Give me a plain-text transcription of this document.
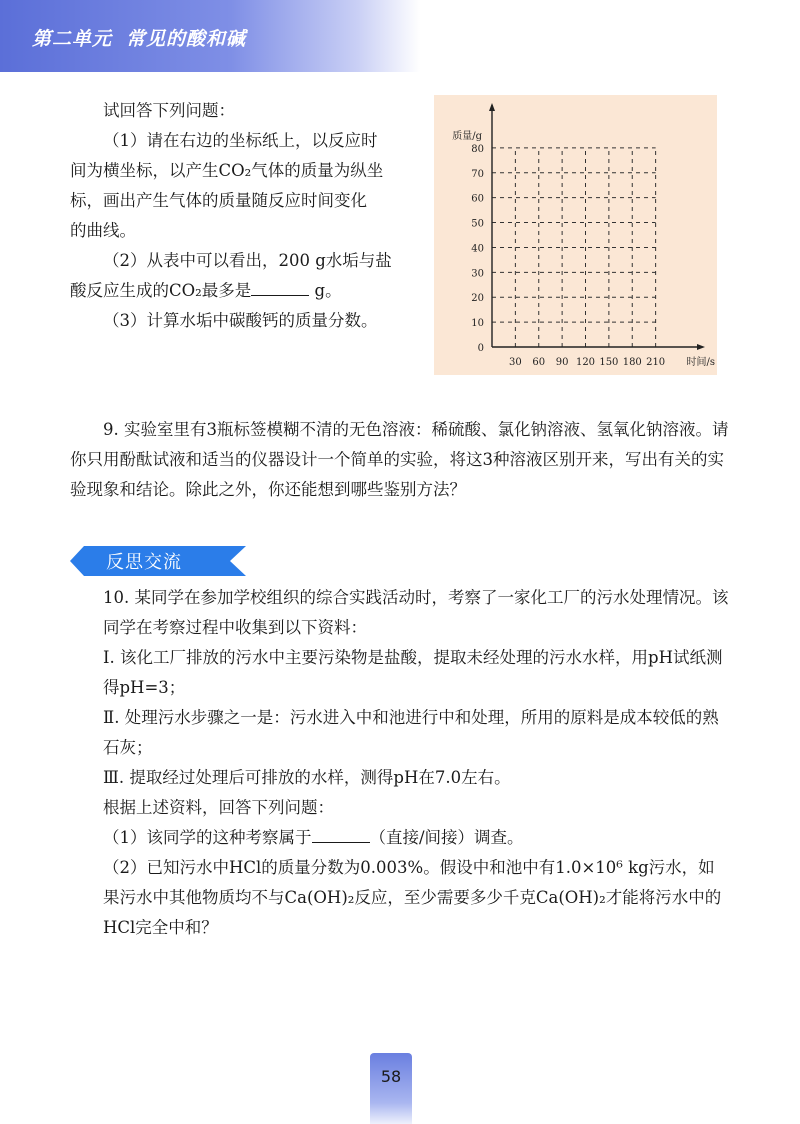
第二单元 常见的酸和碱
试回答下列问题：
（1）请在右边的坐标纸上，以反应时
间为横坐标，以产生CO₂气体的质量为纵坐
标，画出产生气体的质量随反应时间变化
的曲线。
（2）从表中可以看出，200 g水垢与盐
酸反应生成的CO₂最多是	g。
（3）计算水垢中碳酸钙的质量分数。
0
10
20
30
40
50
60
70
80
30 60 90 120 150 180 210
质量/g
时间/s

9. 实验室里有3瓶标签模糊不清的无色溶液：稀硫酸、氯化钠溶液、氢氧化钠溶液。请你只用酚酞试液和适当的仪器设计一个简单的实验，将这3种溶液区别开来，写出有关的实验现象和结论。除此之外，你还能想到哪些鉴别方法？

反思交流
10. 某同学在参加学校组织的综合实践活动时，考察了一家化工厂的污水处理情况。该同学在考察过程中收集到以下资料：
Ⅰ. 该化工厂排放的污水中主要污染物是盐酸，提取未经处理的污水水样，用pH试纸测得pH=3；
Ⅱ. 处理污水步骤之一是：污水进入中和池进行中和处理，所用的原料是成本较低的熟石灰；
Ⅲ. 提取经过处理后可排放的水样，测得pH在7.0左右。
根据上述资料，回答下列问题：
（1）该同学的这种考察属于	（直接/间接）调查。
（2）已知污水中HCl的质量分数为0.003%。假设中和池中有1.0×10⁶ kg污水，如果污水中其他物质均不与Ca(OH)₂反应，至少需要多少千克Ca(OH)₂才能将污水中的HCl完全中和？
58
